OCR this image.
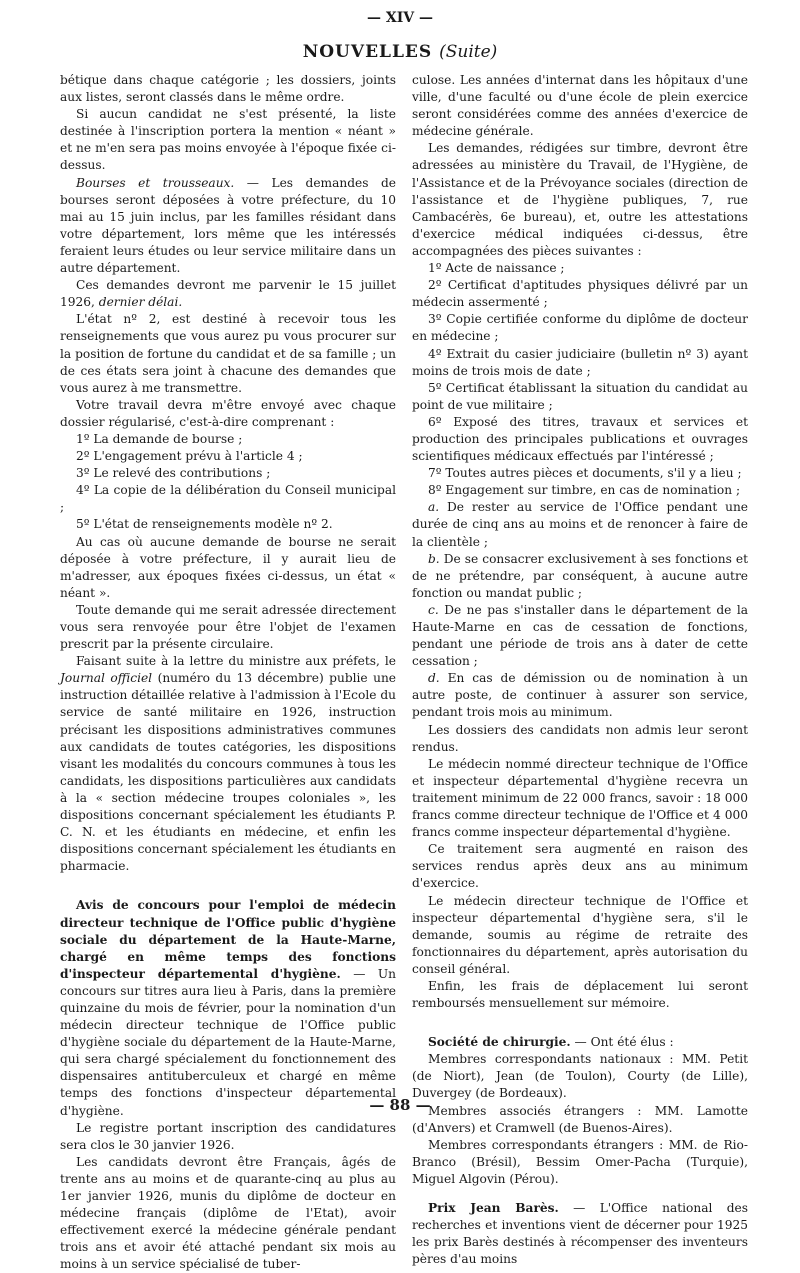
— XIV —
NOUVELLES (Suite)

bétique dans chaque catégorie ; les dossiers, joints aux listes, seront classés dans le même ordre.

Si aucun candidat ne s'est présenté, la liste destinée à l'inscription portera la mention « néant » et ne m'en sera pas moins envoyée à l'époque fixée ci-dessus.

Bourses et trousseaux. — Les demandes de bourses seront déposées à votre préfecture, du 10 mai au 15 juin inclus, par les familles résidant dans votre département, lors même que les intéressés feraient leurs études ou leur service militaire dans un autre département.

Ces demandes devront me parvenir le 15 juillet 1926, dernier délai.

L'état nº 2, est destiné à recevoir tous les renseignements que vous aurez pu vous procurer sur la position de fortune du candidat et de sa famille ; un de ces états sera joint à chacune des demandes que vous aurez à me transmettre.

Votre travail devra m'être envoyé avec chaque dossier régularisé, c'est-à-dire comprenant :

1º La demande de bourse ;

2º L'engagement prévu à l'article 4 ;

3º Le relevé des contributions ;

4º La copie de la délibération du Conseil municipal ;

5º L'état de renseignements modèle nº 2.

Au cas où aucune demande de bourse ne serait déposée à votre préfecture, il y aurait lieu de m'adresser, aux époques fixées ci-dessus, un état « néant ».

Toute demande qui me serait adressée directement vous sera renvoyée pour être l'objet de l'examen prescrit par la présente circulaire.

Faisant suite à la lettre du ministre aux préfets, le Journal officiel (numéro du 13 décembre) publie une instruction détaillée relative à l'admission à l'Ecole du service de santé militaire en 1926, instruction précisant les dispositions administratives communes aux candidats de toutes catégories, les dispositions visant les modalités du concours communes à tous les candidats, les dispositions particulières aux candidats à la « section médecine troupes coloniales », les dispositions concernant spécialement les étudiants P. C. N. et les étudiants en médecine, et enfin les dispositions concernant spécialement les étudiants en pharmacie.

Avis de concours pour l'emploi de médecin directeur technique de l'Office public d'hygiène sociale du département de la Haute-Marne, chargé en même temps des fonctions d'inspecteur départemental d'hygiène. — Un concours sur titres aura lieu à Paris, dans la première quinzaine du mois de février, pour la nomination d'un médecin directeur technique de l'Office public d'hygiène sociale du département de la Haute-Marne, qui sera chargé spécialement du fonctionnement des dispensaires antituberculeux et chargé en même temps des fonctions d'inspecteur départemental d'hygiène.

Le registre portant inscription des candidatures sera clos le 30 janvier 1926.

Les candidats devront être Français, âgés de trente ans au moins et de quarante-cinq au plus au 1er janvier 1926, munis du diplôme de docteur en médecine français (diplôme de l'Etat), avoir effectivement exercé la médecine générale pendant trois ans et avoir été attaché pendant six mois au moins à un service spécialisé de tuber-

culose. Les années d'internat dans les hôpitaux d'une ville, d'une faculté ou d'une école de plein exercice seront considérées comme des années d'exercice de médecine générale.

Les demandes, rédigées sur timbre, devront être adressées au ministère du Travail, de l'Hygiène, de l'Assistance et de la Prévoyance sociales (direction de l'assistance et de l'hygiène publiques, 7, rue Cambacérès, 6e bureau), et, outre les attestations d'exercice médical indiquées ci-dessus, être accompagnées des pièces suivantes :

1º Acte de naissance ;

2º Certificat d'aptitudes physiques délivré par un médecin assermenté ;

3º Copie certifiée conforme du diplôme de docteur en médecine ;

4º Extrait du casier judiciaire (bulletin nº 3) ayant moins de trois mois de date ;

5º Certificat établissant la situation du candidat au point de vue militaire ;

6º Exposé des titres, travaux et services et production des principales publications et ouvrages scientifiques médicaux effectués par l'intéressé ;

7º Toutes autres pièces et documents, s'il y a lieu ;

8º Engagement sur timbre, en cas de nomination ;

a. De rester au service de l'Office pendant une durée de cinq ans au moins et de renoncer à faire de la clientèle ;

b. De se consacrer exclusivement à ses fonctions et de ne prétendre, par conséquent, à aucune autre fonction ou mandat public ;

c. De ne pas s'installer dans le département de la Haute-Marne en cas de cessation de fonctions, pendant une période de trois ans à dater de cette cessation ;

d. En cas de démission ou de nomination à un autre poste, de continuer à assurer son service, pendant trois mois au minimum.

Les dossiers des candidats non admis leur seront rendus.

Le médecin nommé directeur technique de l'Office et inspecteur départemental d'hygiène recevra un traitement minimum de 22 000 francs, savoir : 18 000 francs comme directeur technique de l'Office et 4 000 francs comme inspecteur départemental d'hygiène.

Ce traitement sera augmenté en raison des services rendus après deux ans au minimum d'exercice.

Le médecin directeur technique de l'Office et inspecteur départemental d'hygiène sera, s'il le demande, soumis au régime de retraite des fonctionnaires du département, après autorisation du conseil général.

Enfin, les frais de déplacement lui seront remboursés mensuellement sur mémoire.

Société de chirurgie. — Ont été élus :

Membres correspondants nationaux : MM. Petit (de Niort), Jean (de Toulon), Courty (de Lille), Duvergey (de Bordeaux).

Membres associés étrangers : MM. Lamotte (d'Anvers) et Cramwell (de Buenos-Aires).

Membres correspondants étrangers : MM. de Rio-Branco (Brésil), Bessim Omer-Pacha (Turquie), Miguel Algovin (Pérou).

Prix Jean Barès. — L'Office national des recherches et inventions vient de décerner pour 1925 les prix Barès destinés à récompenser des inventeurs pères d'au moins

— 88 —
